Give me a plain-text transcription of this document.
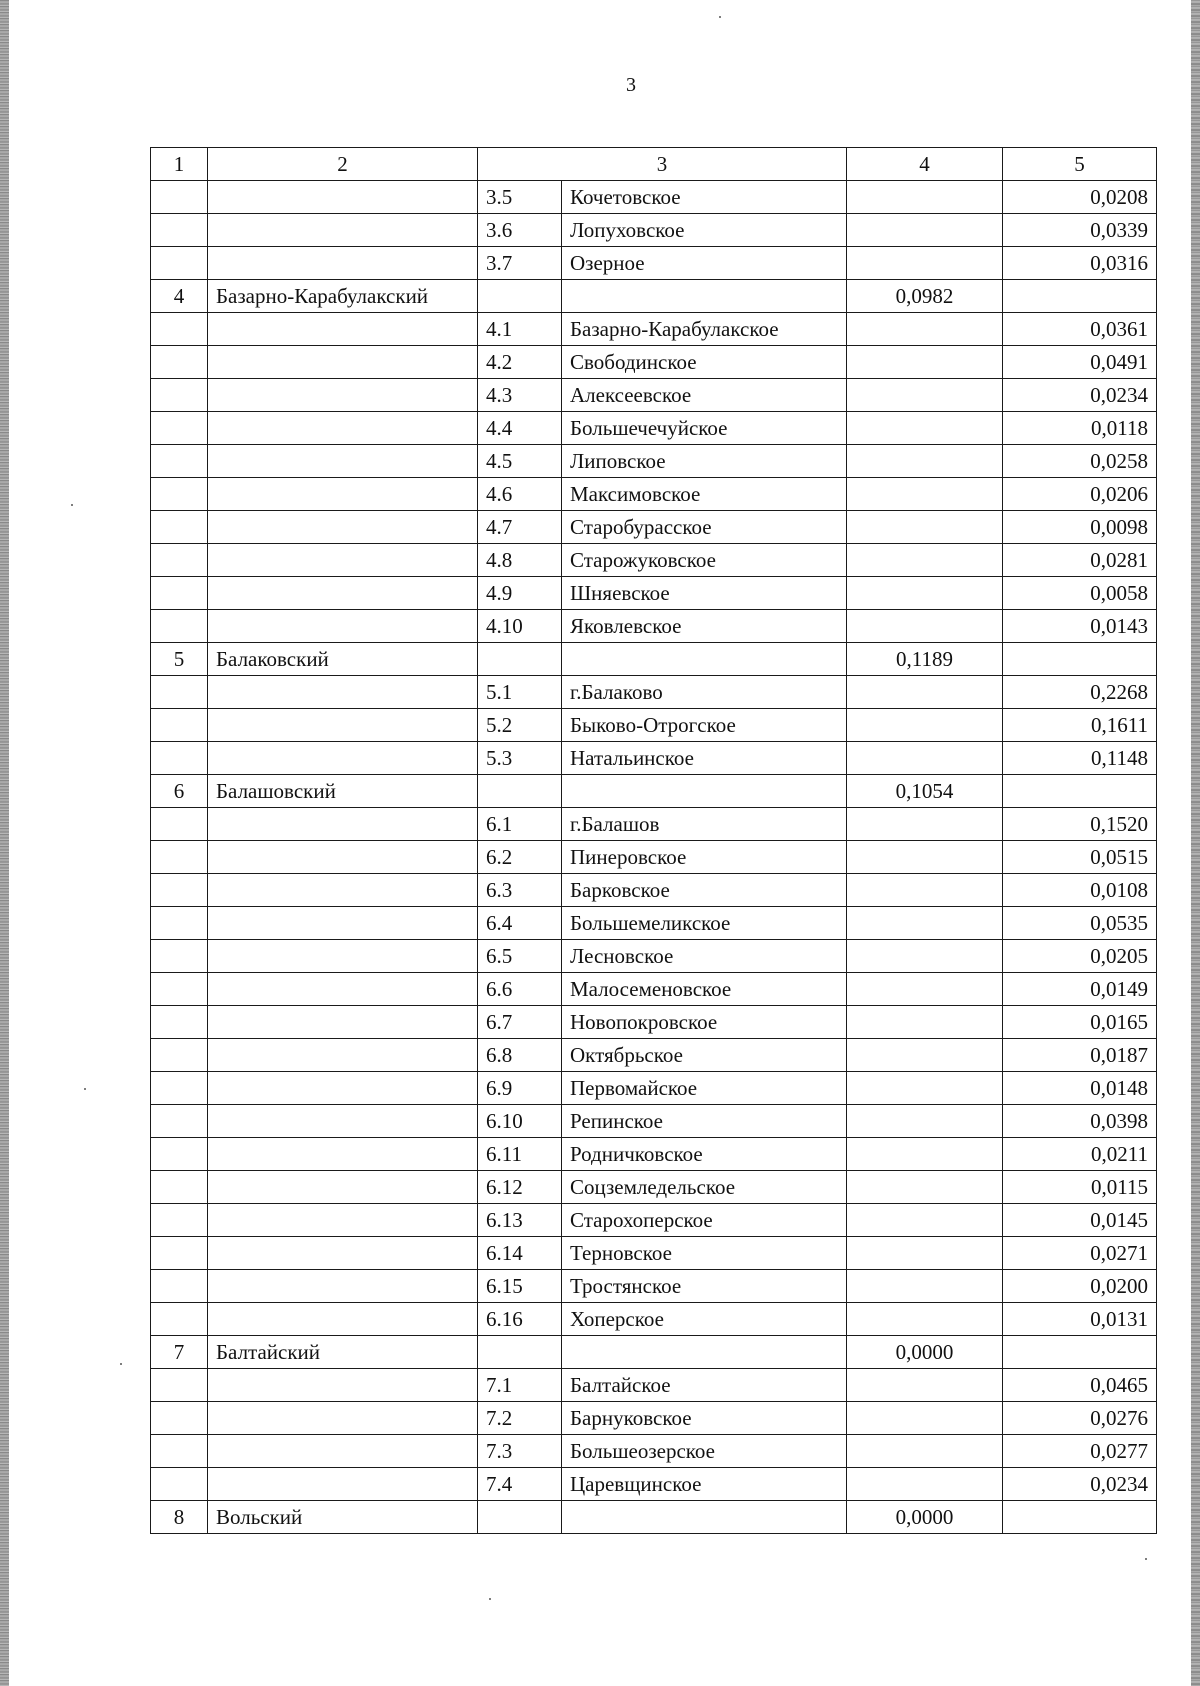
3
1	2	3		4	5
		3.5	Кочетовское		0,0208
		3.6	Лопуховское		0,0339
		3.7	Озерное		0,0316
4	Базарно-Карабулакский			0,0982	
		4.1	Базарно-Карабулакское		0,0361
		4.2	Свободинское		0,0491
		4.3	Алексеевское		0,0234
		4.4	Большечечуйское		0,0118
		4.5	Липовское		0,0258
		4.6	Максимовское		0,0206
		4.7	Старобурасское		0,0098
		4.8	Старожуковское		0,0281
		4.9	Шняевское		0,0058
		4.10	Яковлевское		0,0143
5	Балаковский			0,1189	
		5.1	г.Балаково		0,2268
		5.2	Быково-Отрогское		0,1611
		5.3	Натальинское		0,1148
6	Балашовский			0,1054	
		6.1	г.Балашов		0,1520
		6.2	Пинеровское		0,0515
		6.3	Барковское		0,0108
		6.4	Большемеликское		0,0535
		6.5	Лесновское		0,0205
		6.6	Малосеменовское		0,0149
		6.7	Новопокровское		0,0165
		6.8	Октябрьское		0,0187
		6.9	Первомайское		0,0148
		6.10	Репинское		0,0398
		6.11	Родничковское		0,0211
		6.12	Соцземледельское		0,0115
		6.13	Старохоперское		0,0145
		6.14	Терновское		0,0271
		6.15	Тростянское		0,0200
		6.16	Хоперское		0,0131
7	Балтайский			0,0000	
		7.1	Балтайское		0,0465
		7.2	Барнуковское		0,0276
		7.3	Большеозерское		0,0277
		7.4	Царевщинское		0,0234
8	Вольский			0,0000	
